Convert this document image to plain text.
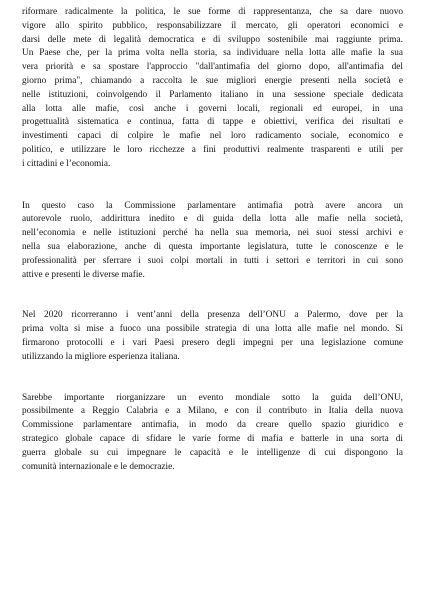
riformare radicalmente la politica, le sue forme di rappresentanza, che sa dare nuovo
vigore allo spirito pubblico, responsabilizzare il mercato, gli operatori economici e
darsi delle mete di legalità democratica e di sviluppo sostenibile mai raggiunte prima.
Un Paese che, per la prima volta nella storia, sa individuare nella lotta alle mafie la sua
vera priorità e sa spostare l'approccio "dall'antimafia del giorno dopo, all'antimafia del
giorno prima", chiamando a raccolta le sue migliori energie presenti nella società e
nelle istituzioni, coinvolgendo il Parlamento italiano in una sessione speciale dedicata
alla lotta alle mafie, così anche i governi locali, regionali ed europei, in una
progettualità sistematica e continua, fatta di tappe e obiettivi, verifica dei risultati e
investimenti capaci di colpire le mafie nel loro radicamento sociale, economico e
politico, e utilizzare le loro ricchezze a fini produttivi realmente trasparenti e utili per
i cittadini e l’economia.

In questo caso la Commissione parlamentare antimafia potrà avere ancora un
autorevole ruolo, addirittura inedito e di guida della lotta alle mafie nella società,
nell’economia e nelle istituzioni perché ha nella sua memoria, nei suoi stessi archivi e
nella sua elaborazione, anche di questa importante legislatura, tutte le conoscenze e le
professionalità per sferrare i suoi colpi mortali in tutti i settori e territori in cui sono
attive e presenti le diverse mafie.

Nel 2020 ricorreranno i vent’anni della presenza dell’ONU a Palermo, dove per la
prima volta si mise a fuoco una possibile strategia di una lotta alle mafie nel mondo. Si
firmarono protocolli e i vari Paesi presero degli impegni per una legislazione comune
utilizzando la migliore esperienza italiana.

Sarebbe importante riorganizzare un evento mondiale sotto la guida dell’ONU,
possibilmente a Reggio Calabria e a Milano, e con il contributo in Italia della nuova
Commissione parlamentare antimafia, in modo da creare quello spazio giuridico e
strategico globale capace di sfidare le varie forme di mafia e batterle in una sorta di
guerra globale su cui impegnare le capacità e le intelligenze di cui dispongono la
comunità internazionale e le democrazie.
